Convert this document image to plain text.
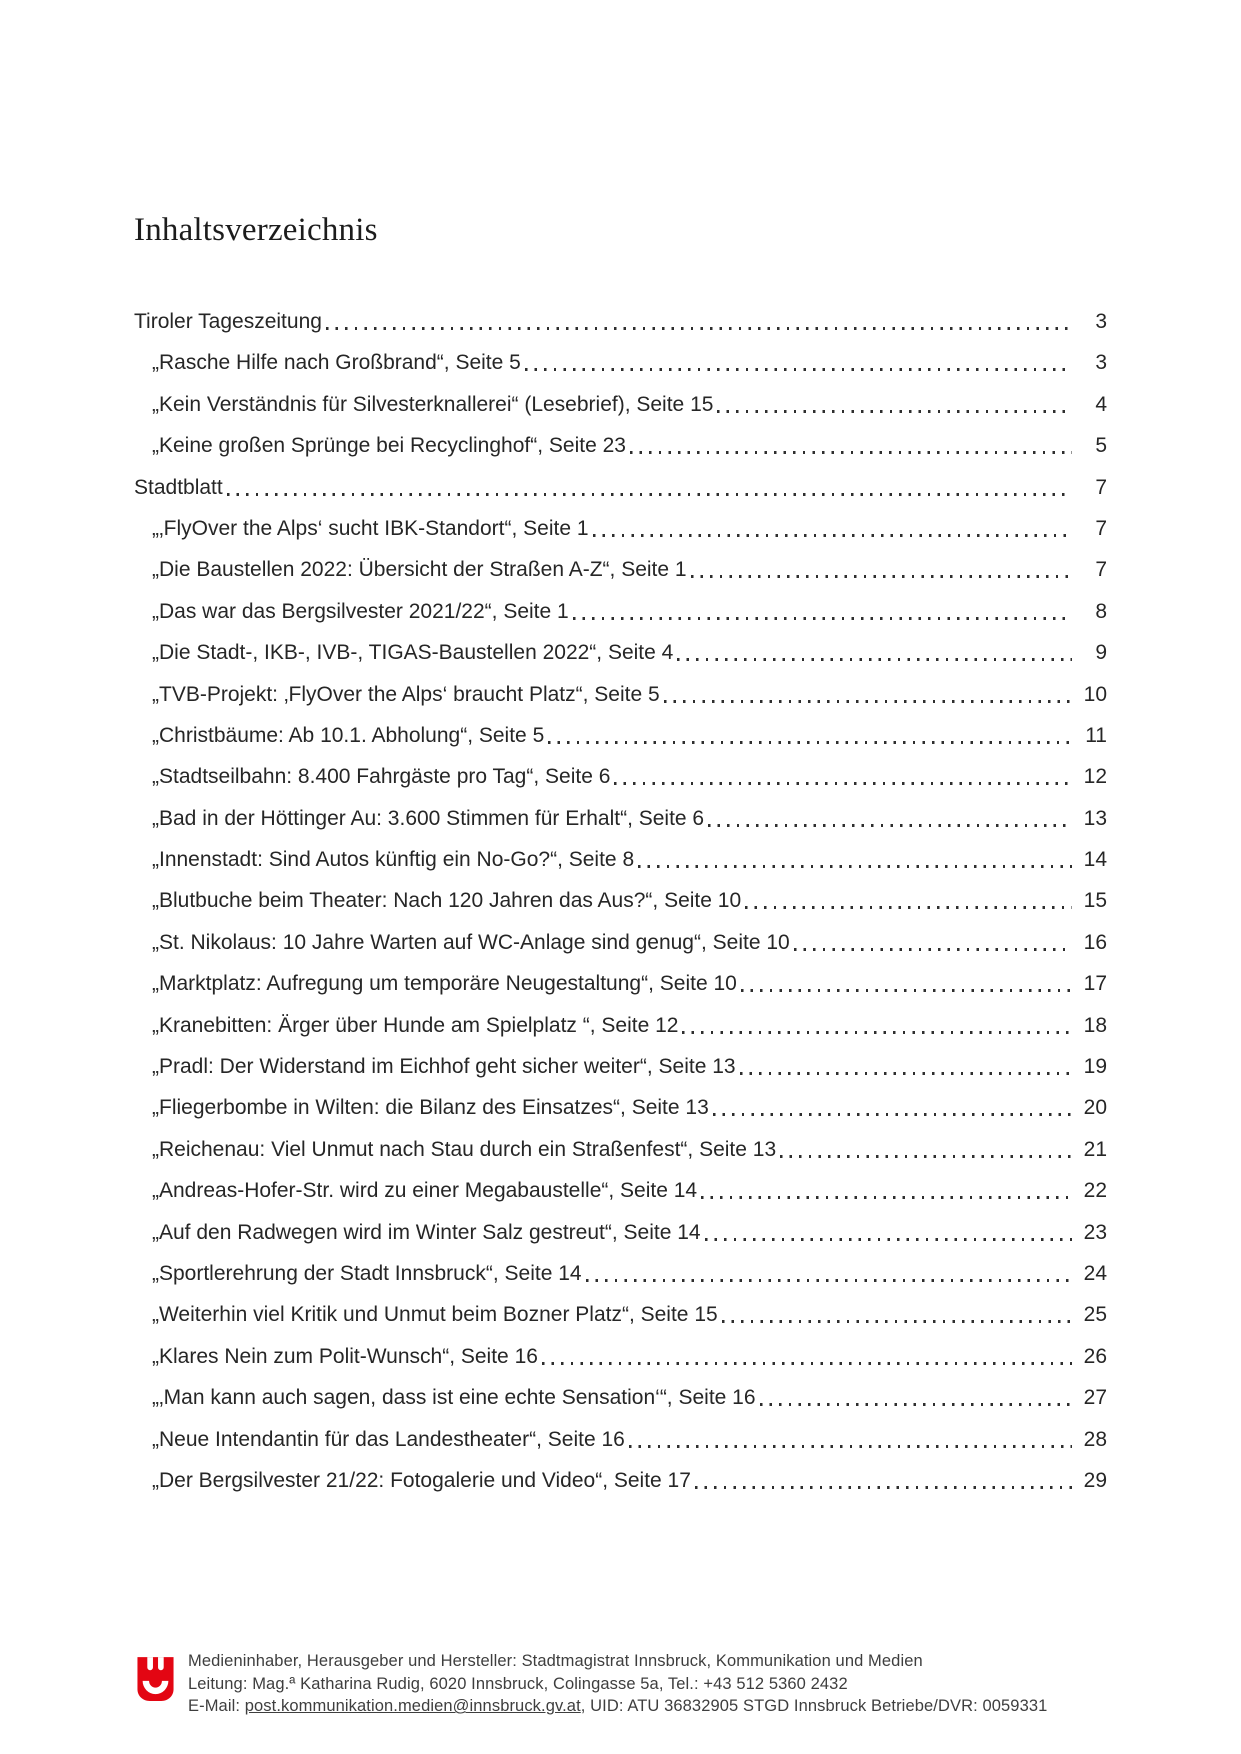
Inhaltsverzeichnis
Tiroler Tageszeitung	3
„Rasche Hilfe nach Großbrand“, Seite 5	3
„Kein Verständnis für Silvesterknallerei“ (Lesebrief), Seite 15	4
„Keine großen Sprünge bei Recyclinghof“, Seite 23	5
Stadtblatt	7
„‚FlyOver the Alps‘ sucht IBK-Standort“, Seite 1	7
„Die Baustellen 2022: Übersicht der Straßen A-Z“, Seite 1	7
„Das war das Bergsilvester 2021/22“, Seite 1	8
„Die Stadt-, IKB-, IVB-, TIGAS-Baustellen 2022“, Seite 4	9
„TVB-Projekt: ‚FlyOver the Alps‘ braucht Platz“, Seite 5	10
„Christbäume: Ab 10.1. Abholung“, Seite 5	11
„Stadtseilbahn: 8.400 Fahrgäste pro Tag“, Seite 6	12
„Bad in der Höttinger Au: 3.600 Stimmen für Erhalt“, Seite 6	13
„Innenstadt: Sind Autos künftig ein No-Go?“, Seite 8	14
„Blutbuche beim Theater: Nach 120 Jahren das Aus?“, Seite 10	15
„St. Nikolaus: 10 Jahre Warten auf WC-Anlage sind genug“, Seite 10	16
„Marktplatz: Aufregung um temporäre Neugestaltung“, Seite 10	17
„Kranebitten: Ärger über Hunde am Spielplatz “, Seite 12	18
„Pradl: Der Widerstand im Eichhof geht sicher weiter“, Seite 13	19
„Fliegerbombe in Wilten: die Bilanz des Einsatzes“, Seite 13	20
„Reichenau: Viel Unmut nach Stau durch ein Straßenfest“, Seite 13	21
„Andreas-Hofer-Str. wird zu einer Megabaustelle“, Seite 14	22
„Auf den Radwegen wird im Winter Salz gestreut“, Seite 14	23
„Sportlerehrung der Stadt Innsbruck“, Seite 14	24
„Weiterhin viel Kritik und Unmut beim Bozner Platz“, Seite 15	25
„Klares Nein zum Polit-Wunsch“, Seite 16	26
„‚Man kann auch sagen, dass ist eine echte Sensation‘“, Seite 16	27
„Neue Intendantin für das Landestheater“, Seite 16	28
„Der Bergsilvester 21/22: Fotogalerie und Video“, Seite 17	29
Medieninhaber, Herausgeber und Hersteller: Stadtmagistrat Innsbruck, Kommunikation und Medien
Leitung: Mag.ª Katharina Rudig, 6020 Innsbruck, Colingasse 5a, Tel.: +43 512 5360 2432
E-Mail: post.kommunikation.medien@innsbruck.gv.at, UID: ATU 36832905 STGD Innsbruck Betriebe/DVR: 0059331
